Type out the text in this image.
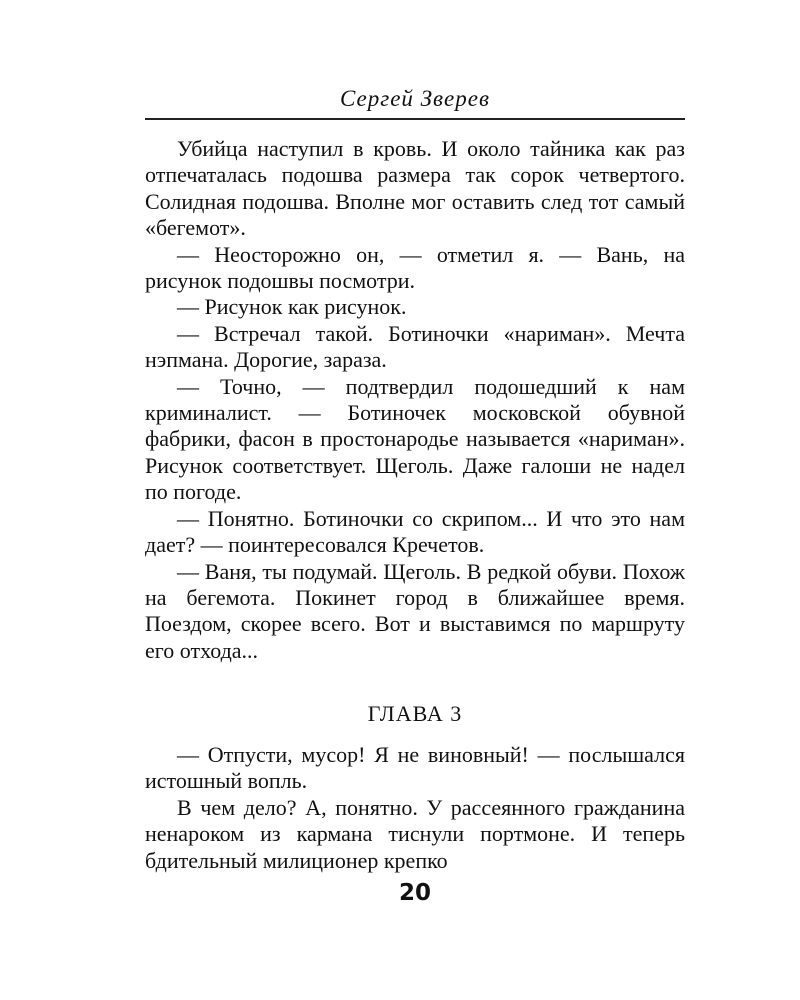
Сергей Зверев

Убийца наступил в кровь. И около тайника как раз отпечаталась подошва размера так сорок четвертого. Солидная подошва. Вполне мог оставить след тот самый «бегемот».

— Неосторожно он, — отметил я. — Вань, на рисунок подошвы посмотри.

— Рисунок как рисунок.

— Встречал такой. Ботиночки «нариман». Мечта нэпмана. Дорогие, зараза.

— Точно, — подтвердил подошедший к нам криминалист. — Ботиночек московской обувной фабрики, фасон в простонародье называется «нариман». Рисунок соответствует. Щеголь. Даже галоши не надел по погоде.

— Понятно. Ботиночки со скрипом... И что это нам дает? — поинтересовался Кречетов.

— Ваня, ты подумай. Щеголь. В редкой обуви. Похож на бегемота. Покинет город в ближайшее время. Поездом, скорее всего. Вот и выставимся по маршруту его отхода...

ГЛАВА 3

— Отпусти, мусор! Я не виновный! — послышался истошный вопль.

В чем дело? А, понятно. У рассеянного гражданина ненароком из кармана тиснули портмоне. И теперь бдительный милиционер крепко

20
